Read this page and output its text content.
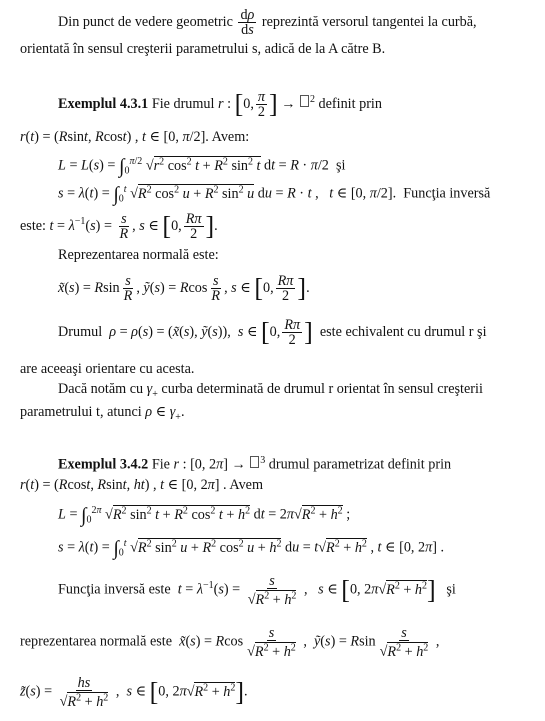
Din punct de vedere geometric $\frac{d\rho}{ds}$ reprezintă versorul tangentei la curbă,
orientată în sensul creşterii parametrului s, adică de la A către B.
Exemplul 4.3.1 Fie drumul r : [0, $\frac{\pi}{2}$ ] → $^2$ definit prin
r(t) = (Rsint, Rcost) , t ∈ [0, π/2]. Avem:
$L = L(s) = \int_0^{\pi/2}$ $√r^2$ $\cos^2 t + R^2$ $\sin^2 t$ dt = R · π/2  şi
$s = \lambda(t) = \int_0^t$ $√R^2$ $\cos^2 u + R^2$ $\sin^2 u$ du = R · t ,   t ∈ [0, π/2].  Funcţia inversă
este: $t = \lambda^{-1}(s) = \frac{s}{R}$ , s ∈ [0, $\frac{R\pi}{2}$ ].
Reprezentarea normală este:
x̃(s) = Rsin $\frac{s}{R}$ , ỹ(s) = Rcos $\frac{s}{R}$ , s ∈ [0, $\frac{R\pi}{2}$ ].
Drumul ρ = ρ(s) = (x̃(s), ỹ(s)),  s ∈ [0, $\frac{R\pi}{2}$ ] este echivalent cu drumul r şi
are aceeaşi orientare cu acesta.
Dacă notăm cu $\gamma_+$ curba determinată de drumul r orientat în sensul creşterii
parametrului t, atunci ρ ∈ $\gamma_+$.
Exemplul 3.4.2 Fie r : [0, 2π] → $^3$ drumul parametrizat definit prin
r(t) = (Rcost, Rsint, ht) , t ∈ [0, 2π] . Avem
$L = \int_0^{2\pi}$ $√R^2$ $\sin^2 t + R^2$ $\cos^2 t + h^2$ dt = $2\pi√R^2 + h^2$ ;
$s = \lambda(t) = \int_0^t$ $√R^2$ $\sin^2 u + R^2$ $\cos^2 u + h^2$ du = $t√R^2 + h^2$ , t ∈ [0, 2π] .
Funcţia inversă este $t = \lambda^{-1}(s) = \frac{s}{√R^2 + h^2}$ ,   s ∈ [0, $2\pi√R^2 + h^2$] şi
reprezentarea normală este x̃(s) = Rcos $\frac{s}{√R^2 + h^2}$ ,  ỹ(s) = Rsin $\frac{s}{√R^2 + h^2}$ ,
z̃(s) = $\frac{hs}{√R^2 + h^2}$ ,  s ∈ [0, $2\pi√R^2 + h^2$].
